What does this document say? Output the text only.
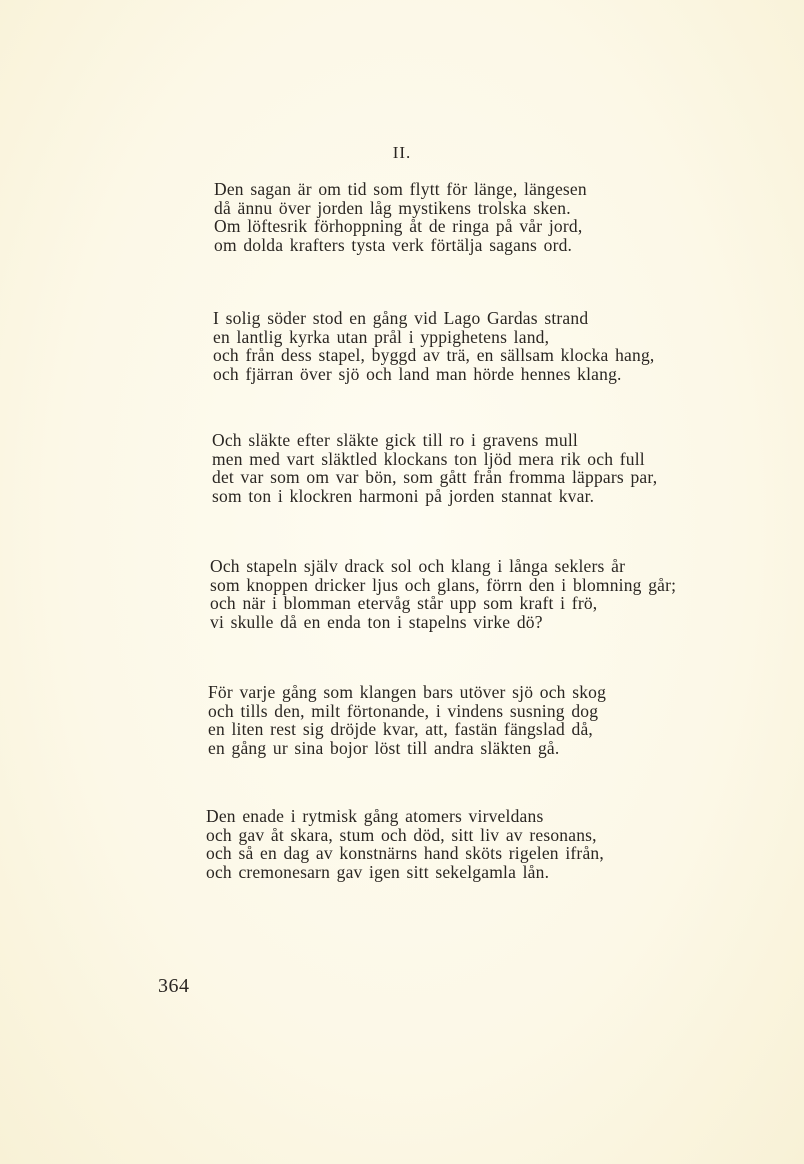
II.
Den sagan är om tid som flytt för länge, längesen
då ännu över jorden låg mystikens trolska sken.
Om löftesrik förhoppning åt de ringa på vår jord,
om dolda krafters tysta verk förtälja sagans ord.
I solig söder stod en gång vid Lago Gardas strand
en lantlig kyrka utan prål i yppighetens land,
och från dess stapel, byggd av trä, en sällsam klocka hang,
och fjärran över sjö och land man hörde hennes klang.
Och släkte efter släkte gick till ro i gravens mull
men med vart släktled klockans ton ljöd mera rik och full
det var som om var bön, som gått från fromma läppars par,
som ton i klockren harmoni på jorden stannat kvar.
Och stapeln själv drack sol och klang i långa seklers år
som knoppen dricker ljus och glans, förrn den i blomning går;
och när i blomman etervåg står upp som kraft i frö,
vi skulle då en enda ton i stapelns virke dö?
För varje gång som klangen bars utöver sjö och skog
och tills den, milt förtonande, i vindens susning dog
en liten rest sig dröjde kvar, att, fastän fängslad då,
en gång ur sina bojor löst till andra släkten gå.
Den enade i rytmisk gång atomers virveldans
och gav åt skara, stum och död, sitt liv av resonans,
och så en dag av konstnärns hand sköts rigelen ifrån,
och cremonesarn gav igen sitt sekelgamla lån.
364
